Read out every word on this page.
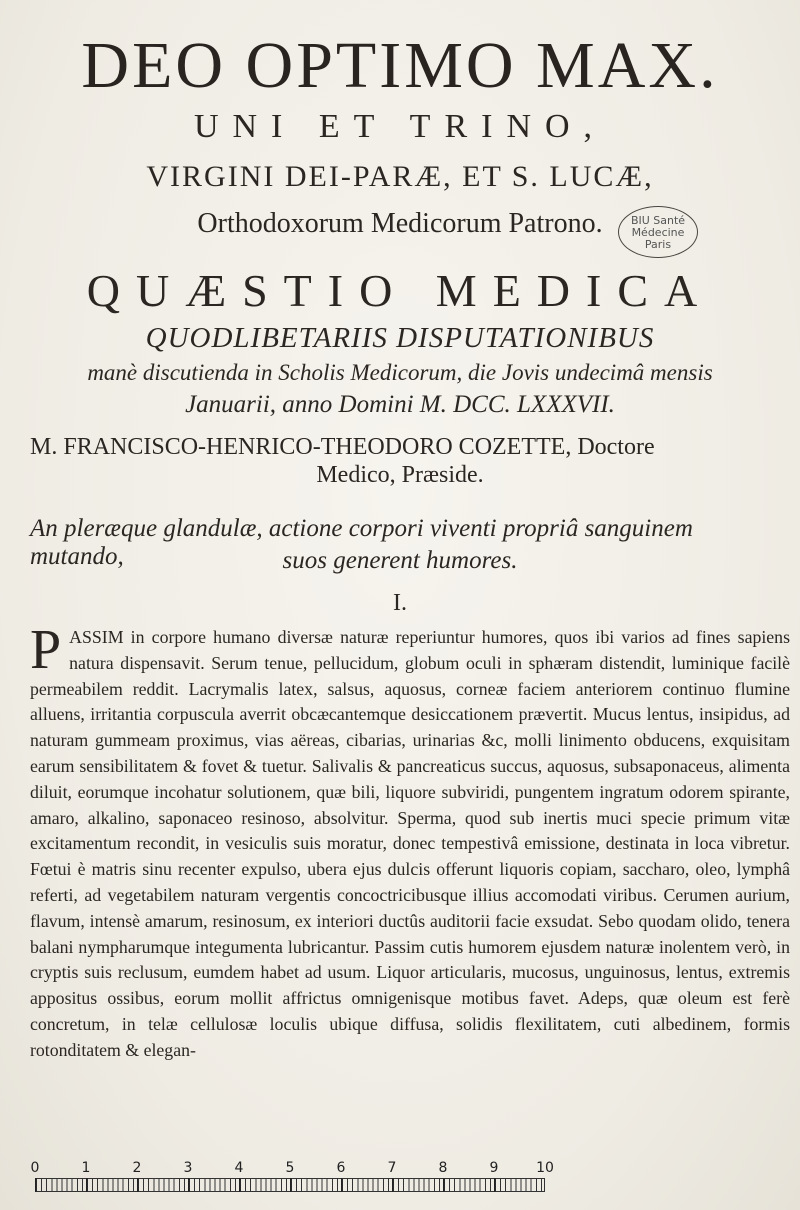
DEO OPTIMO MAX.
UNI ET TRINO,
VIRGINI DEI-PARÆ, ET S. LUCÆ,
Orthodoxorum Medicorum Patrono.	BIU Santé
Médecine
Paris
QUÆSTIO MEDICA
QUODLIBETARIIS DISPUTATIONIBUS
manè discutienda in Scholis Medicorum, die Jovis undecimâ mensis
Januarii, anno Domini M. DCC. LXXXVII.
M. FRANCISCO-HENRICO-THEODORO COZETTE, Doctore
Medico, Præside.
An pleræque glandulæ, actione corpori viventi propriâ sanguinem mutando,	suos generent humores.
I.

P ASSIM in corpore humano diversæ naturæ reperiuntur humores, quos ibi varios ad fines sapiens natura dispensavit. Serum tenue, pellucidum, globum oculi in sphæram distendit, luminique facilè permeabilem reddit. Lacrymalis latex, salsus, aquosus, corneæ faciem anteriorem continuo flumine alluens, irritantia corpuscula averrit obcæcantemque desiccationem prævertit. Mucus lentus, insipidus, ad naturam gummeam proximus, vias aëreas, cibarias, urinarias &c, molli linimento obducens, exquisitam earum sensibilitatem & fovet & tuetur. Salivalis & pancreaticus succus, aquosus, subsaponaceus, alimenta diluit, eorumque incohatur solutionem, quæ bili, liquore subviridi, pungentem ingratum odorem spirante, amaro, alkalino, saponaceo resinoso, absolvitur. Sperma, quod sub inertis muci specie primum vitæ excitamentum recondit, in vesiculis suis moratur, donec tempestivâ emissione, destinata in loca vibretur. Fœtui è matris sinu recenter expulso, ubera ejus dulcis offerunt liquoris copiam, saccharo, oleo, lymphâ referti, ad vegetabilem naturam vergentis concoctricibusque illius accomodati viribus. Cerumen aurium, flavum, intensè amarum, resinosum, ex interiori ductûs auditorii facie exsudat. Sebo quodam olido, tenera balani nympharumque integumenta lubricantur. Passim cutis humorem ejusdem naturæ inolentem verò, in cryptis suis reclusum, eumdem habet ad usum. Liquor articularis, mucosus, unguinosus, lentus, extremis appositus ossibus, eorum mollit affrictus omnigenisque motibus favet. Adeps, quæ oleum est ferè concretum, in telæ cellulosæ loculis ubique diffusa, solidis flexilitatem, cuti albedinem, formis rotonditatem & elegan-

0	1	2	3	4	5	6	7	8	9	10
